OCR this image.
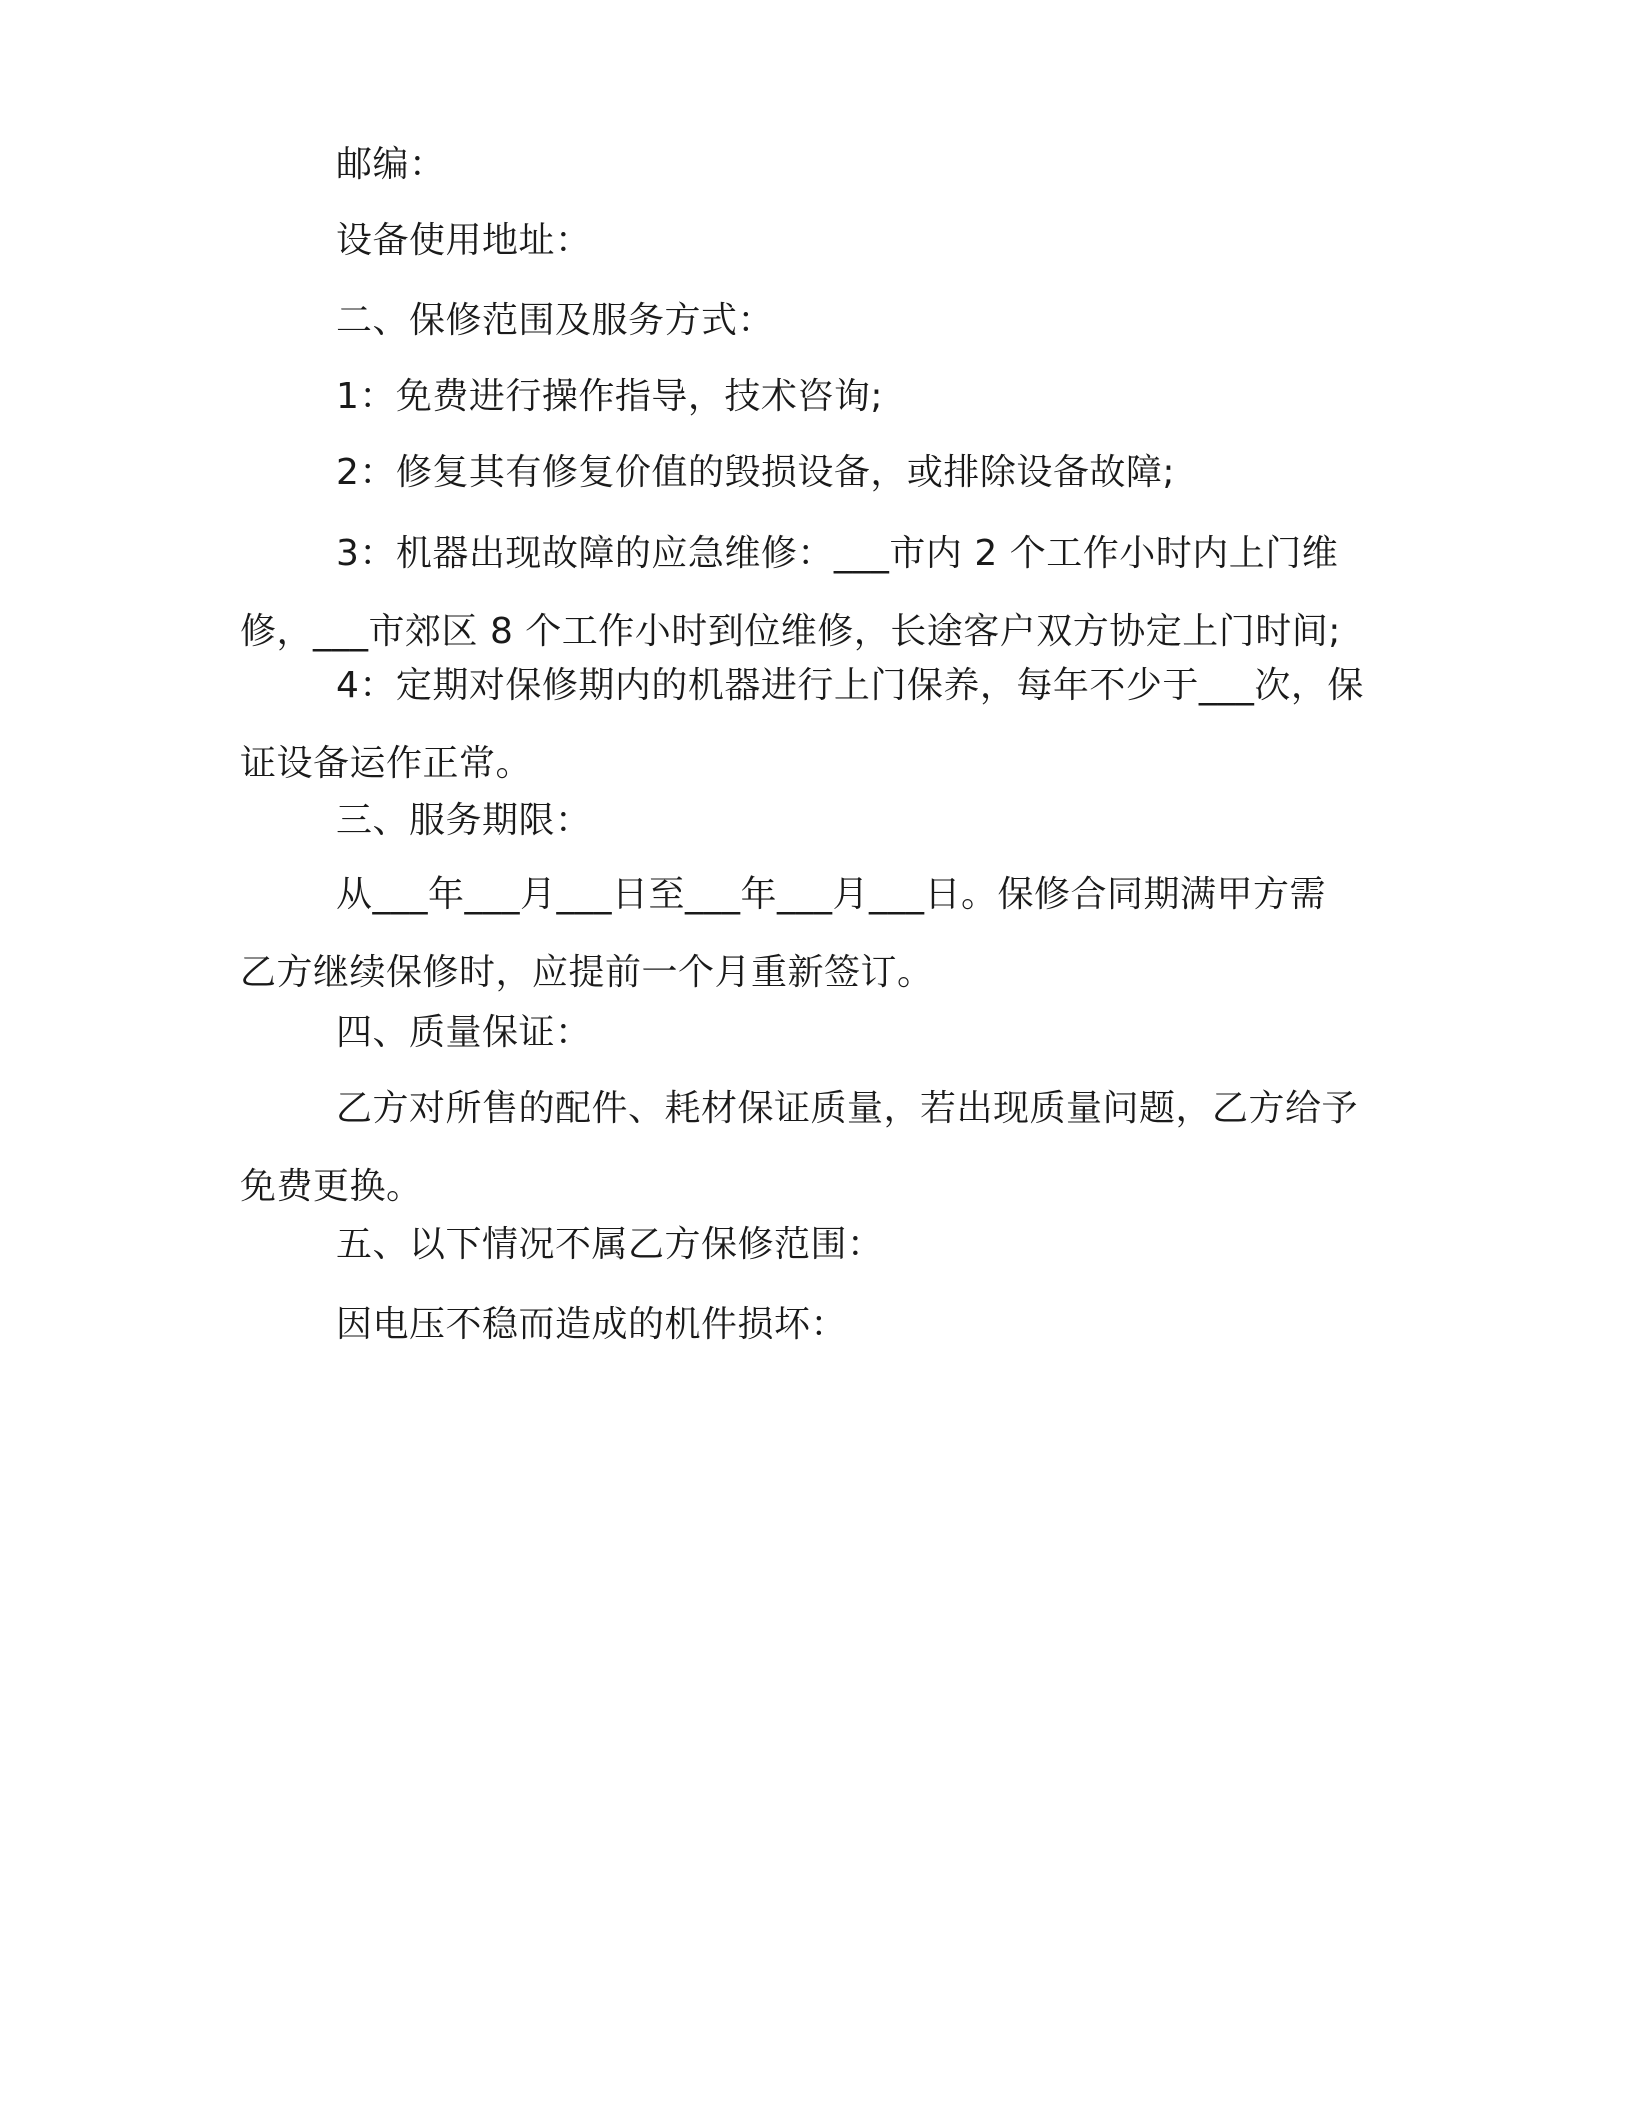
邮编：
设备使用地址：
二、保修范围及服务方式：
1：免费进行操作指导，技术咨询;
2：修复其有修复价值的毁损设备，或排除设备故障;
3：机器出现故障的应急维修：___市内 2 个工作小时内上门维
修，___市郊区 8 个工作小时到位维修，长途客户双方协定上门时间;
4：定期对保修期内的机器进行上门保养，每年不少于___次，保
证设备运作正常。
三、服务期限：
从___年___月___日至___年___月___日。保修合同期满甲方需
乙方继续保修时，应提前一个月重新签订。
四、质量保证：
乙方对所售的配件、耗材保证质量，若出现质量问题，乙方给予
免费更换。
五、以下情况不属乙方保修范围：
因电压不稳而造成的机件损坏：
